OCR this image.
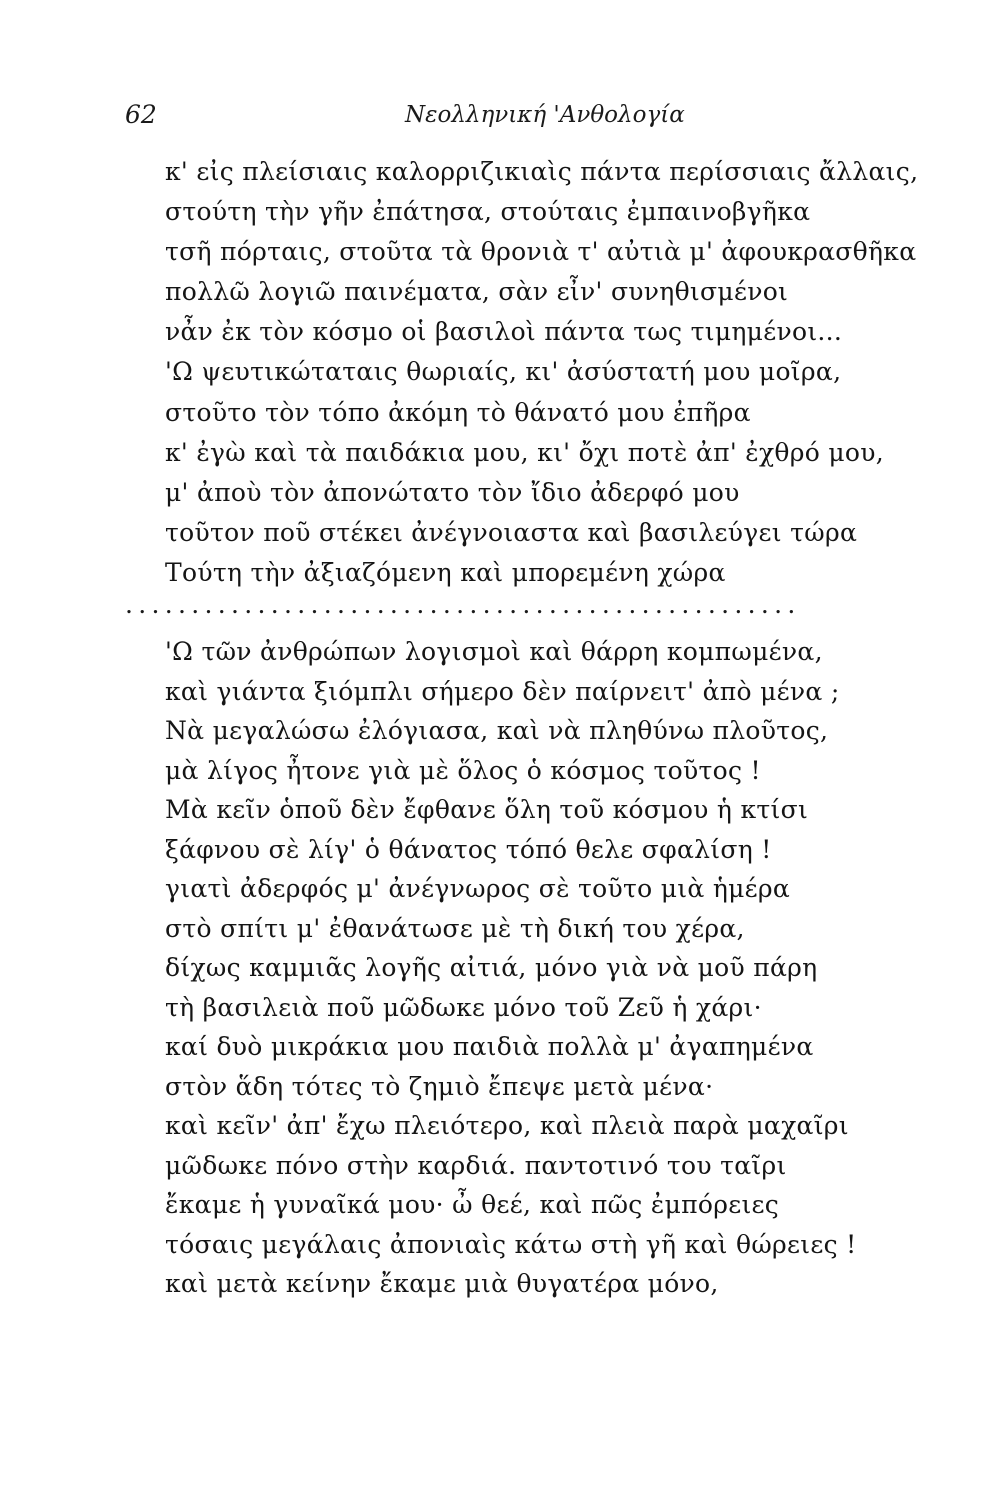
62	Νεολληνική 'Ανθολογία
κ' εἰς πλείσιαις καλορριζικιαὶς πάντα περίσσιαις ἄλλαις,
στούτη τὴν γῆν ἐπάτησα, στούταις ἐμπαινοβγῆκα
τσῆ πόρταις, στοῦτα τὰ θρονιὰ τ' αὐτιὰ μ' ἀφουκρασθῆκα
πολλῶ λογιῶ παινέματα, σὰν εἶν' συνηθισμένοι
νἆν ἐκ τὸν κόσμο οἱ βασιλοὶ πάντα τως τιμημένοι...
'Ω ψευτικώταταις θωριαίς, κι' ἀσύστατή μου μοῖρα,
στοῦτο τὸν τόπο ἀκόμη τὸ θάνατό μου ἐπῆρα
κ' ἐγὼ καὶ τὰ παιδάκια μου, κι' ὄχι ποτὲ ἀπ' ἐχθρό μου,
μ' ἀποὺ τὸν ἀπονώτατο τὸν ἴδιο ἀδερφό μου
τοῦτον ποῦ στέκει ἀνέγνοιαστα καὶ βασιλεύγει τώρα
Τούτη τὴν ἀξιαζόμενη καὶ μπορεμένη χώρα
...................................................
'Ω τῶν ἀνθρώπων λογισμοὶ καὶ θάρρη κομπωμένα,
καὶ γιάντα ξιόμπλι σήμερο δὲν παίρνειτ' ἀπὸ μένα ;
Νὰ μεγαλώσω ἐλόγιασα, καὶ νὰ πληθύνω πλοῦτος,
μὰ λίγος ἦτονε γιὰ μὲ ὅλος ὁ κόσμος τοῦτος !
Μὰ κεῖν ὁποῦ δὲν ἔφθανε ὅλη τοῦ κόσμου ἡ κτίσι
ξάφνου σὲ λίγ' ὁ θάνατος τόπό θελε σφαλίση !
γιατὶ ἀδερφός μ' ἀνέγνωρος σὲ τοῦτο μιὰ ἡμέρα
στὸ σπίτι μ' ἐθανάτωσε μὲ τὴ δική του χέρα,
δίχως καμμιᾶς λογῆς αἰτιά, μόνο γιὰ νὰ μοῦ πάρη
τὴ βασιλειὰ ποῦ μῶδωκε μόνο τοῦ Ζεῦ ἡ χάρι·
καί δυὸ μικράκια μου παιδιὰ πολλὰ μ' ἀγαπημένα
στὸν ἅδη τότες τὸ ζημιὸ ἔπεψε μετὰ μένα·
καὶ κεῖν' ἀπ' ἔχω πλειότερο, καὶ πλειὰ παρὰ μαχαῖρι
μῶδωκε πόνο στὴν καρδιά. παντοτινό του ταῖρι
ἔκαμε ἡ γυναῖκά μου· ὦ θεέ, καὶ πῶς ἐμπόρειες
τόσαις μεγάλαις ἀπονιαὶς κάτω στὴ γῆ καὶ θώρειες !
καὶ μετὰ κείνην ἔκαμε μιὰ θυγατέρα μόνο,
